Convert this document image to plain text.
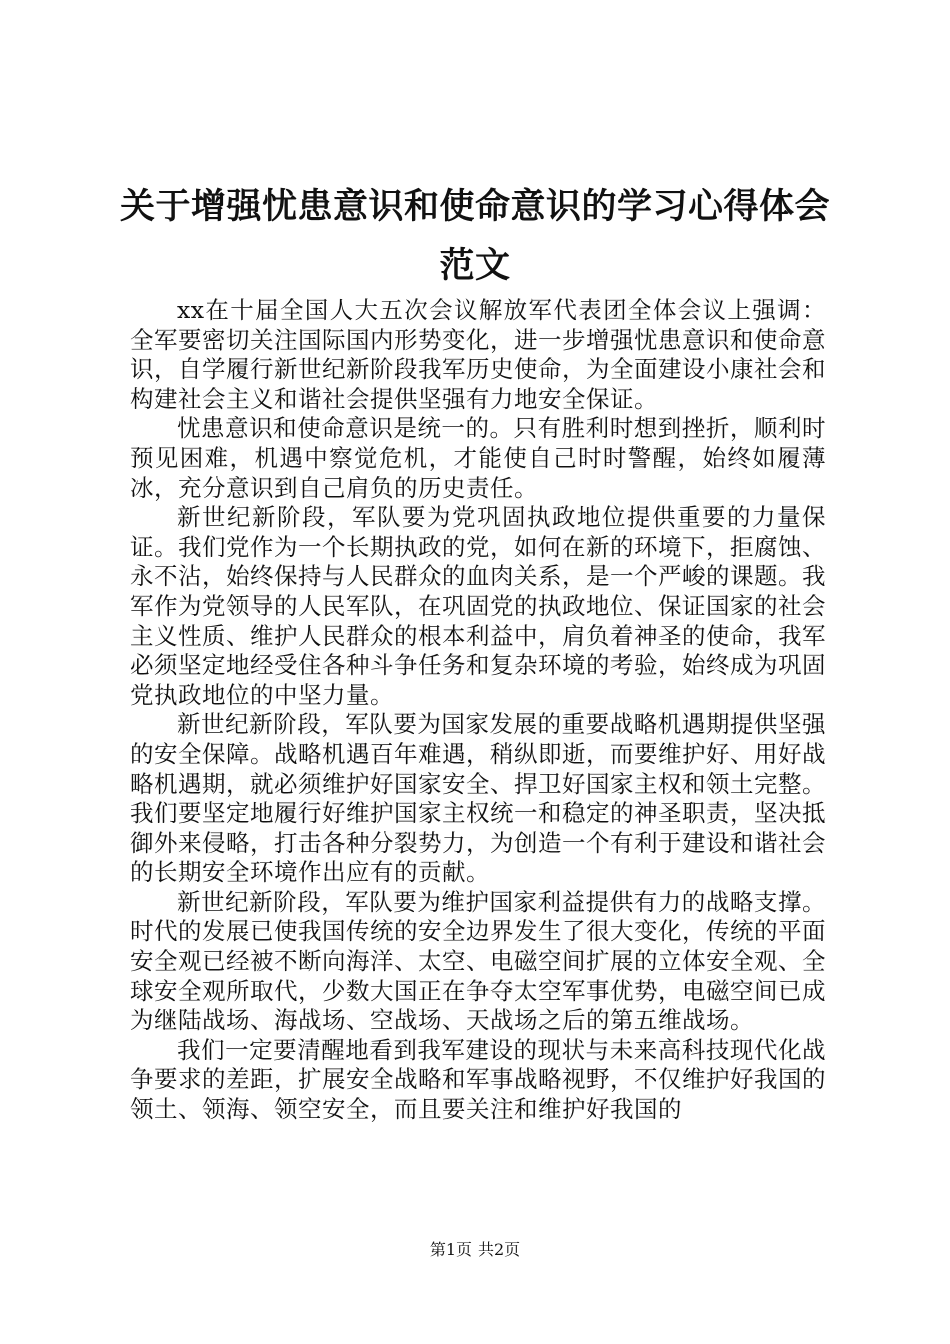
关于增强忧患意识和使命意识的学习心得体会范文

xx在十届全国人大五次会议解放军代表团全体会议上强调：全军要密切关注国际国内形势变化，进一步增强忧患意识和使命意识，自学履行新世纪新阶段我军历史使命，为全面建设小康社会和构建社会主义和谐社会提供坚强有力地安全保证。

忧患意识和使命意识是统一的。只有胜利时想到挫折，顺利时预见困难，机遇中察觉危机，才能使自己时时警醒，始终如履薄冰，充分意识到自己肩负的历史责任。

新世纪新阶段，军队要为党巩固执政地位提供重要的力量保证。我们党作为一个长期执政的党，如何在新的环境下，拒腐蚀、永不沾，始终保持与人民群众的血肉关系，是一个严峻的课题。我军作为党领导的人民军队，在巩固党的执政地位、保证国家的社会主义性质、维护人民群众的根本利益中，肩负着神圣的使命，我军必须坚定地经受住各种斗争任务和复杂环境的考验，始终成为巩固党执政地位的中坚力量。

新世纪新阶段，军队要为国家发展的重要战略机遇期提供坚强的安全保障。战略机遇百年难遇，稍纵即逝，而要维护好、用好战略机遇期，就必须维护好国家安全、捍卫好国家主权和领土完整。我们要坚定地履行好维护国家主权统一和稳定的神圣职责，坚决抵御外来侵略，打击各种分裂势力，为创造一个有利于建设和谐社会的长期安全环境作出应有的贡献。

新世纪新阶段，军队要为维护国家利益提供有力的战略支撑。时代的发展已使我国传统的安全边界发生了很大变化，传统的平面安全观已经被不断向海洋、太空、电磁空间扩展的立体安全观、全球安全观所取代，少数大国正在争夺太空军事优势，电磁空间已成为继陆战场、海战场、空战场、天战场之后的第五维战场。

我们一定要清醒地看到我军建设的现状与未来高科技现代化战争要求的差距，扩展安全战略和军事战略视野，不仅维护好我国的领土、领海、领空安全，而且要关注和维护好我国的

第1页 共2页
